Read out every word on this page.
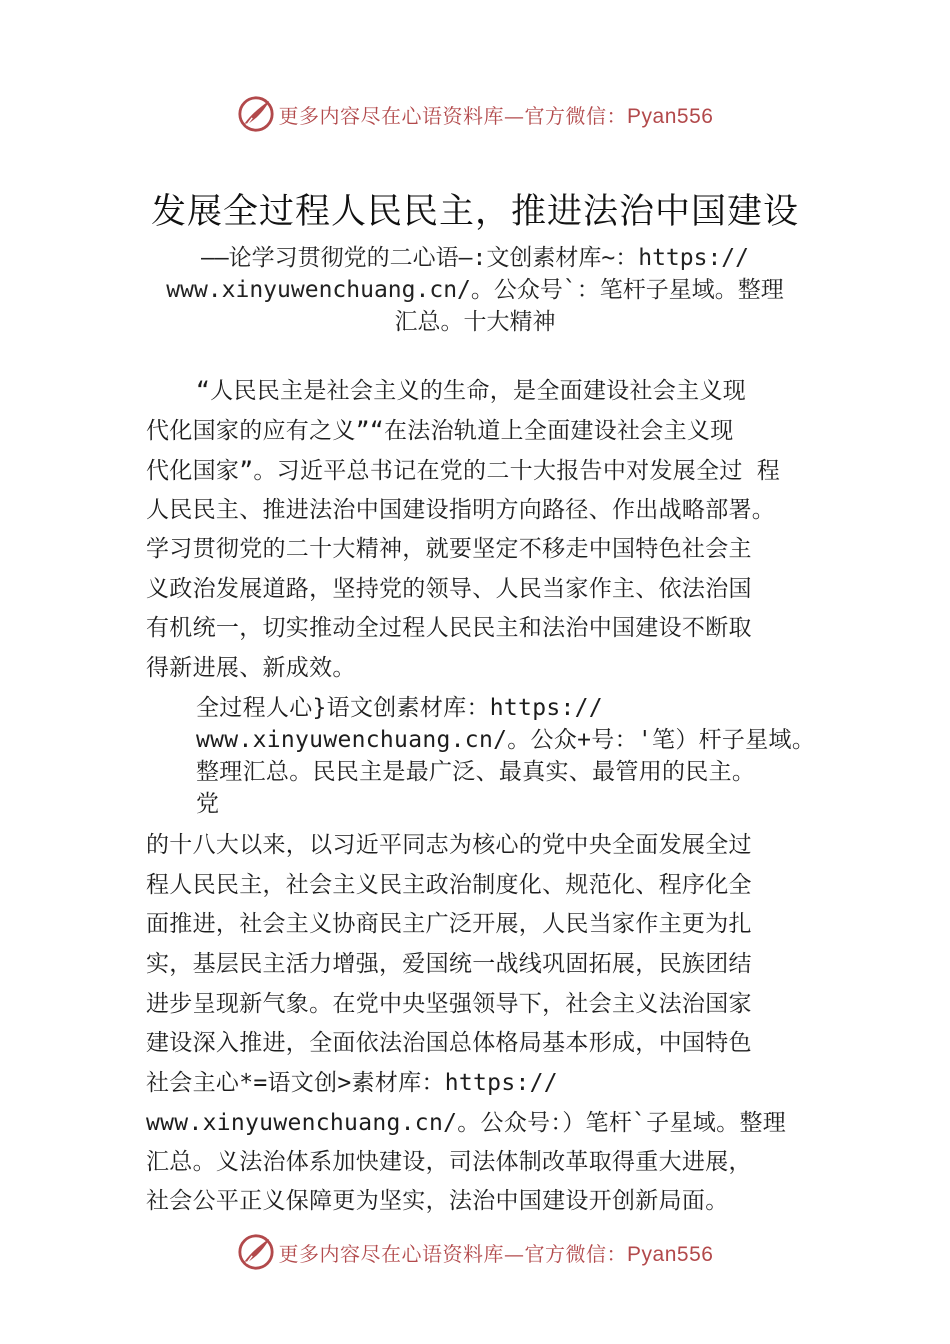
更多内容尽在心语资料库—官方微信：Pyan556
发展全过程人民民主，推进法治中国建设
——论学习贯彻党的二心语—:文创素材库~：https://
www.xinyuwenchuang.cn/。公众号`：笔杆子星域。整理
汇总。十大精神
“人民民主是社会主义的生命，是全面建设社会主义现
代化国家的应有之义”“在法治轨道上全面建设社会主义现
代化国家”。习近平总书记在党的二十大报告中对发展全过 程
人民民主、推进法治中国建设指明方向路径、作出战略部署。
学习贯彻党的二十大精神，就要坚定不移走中国特色社会主
义政治发展道路，坚持党的领导、人民当家作主、依法治国
有机统一，切实推动全过程人民民主和法治中国建设不断取
得新进展、新成效。
全过程人心}语文创素材库：https://
www.xinyuwenchuang.cn/。公众+号：'笔）杆子星域。
整理汇总。民民主是最广泛、最真实、最管用的民主。
党
的十八大以来，以习近平同志为核心的党中央全面发展全过
程人民民主，社会主义民主政治制度化、规范化、程序化全
面推进，社会主义协商民主广泛开展，人民当家作主更为扎
实，基层民主活力增强，爱国统一战线巩固拓展，民族团结
进步呈现新气象。在党中央坚强领导下，社会主义法治国家
建设深入推进，全面依法治国总体格局基本形成，中国特色
社会主心*=语文创>素材库：https://
www.xinyuwenchuang.cn/。公众号：）笔杆`子星域。整理
汇总。义法治体系加快建设，司法体制改革取得重大进展，
社会公平正义保障更为坚实，法治中国建设开创新局面。
更多内容尽在心语资料库—官方微信：Pyan556
